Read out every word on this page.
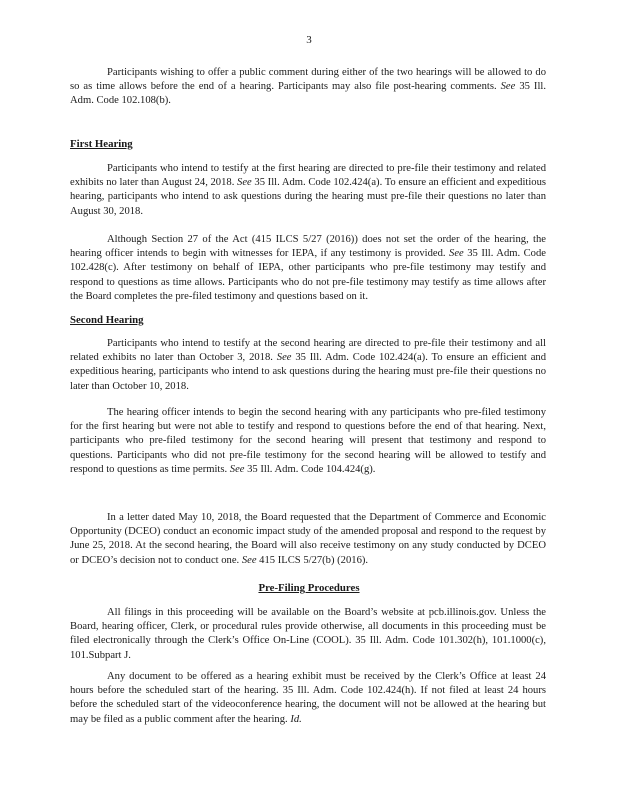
3

Participants wishing to offer a public comment during either of the two hearings will be allowed to do so as time allows before the end of a hearing. Participants may also file post-hearing comments. See 35 Ill. Adm. Code 102.108(b).

First Hearing

Participants who intend to testify at the first hearing are directed to pre-file their testimony and related exhibits no later than August 24, 2018. See 35 Ill. Adm. Code 102.424(a). To ensure an efficient and expeditious hearing, participants who intend to ask questions during the hearing must pre-file their questions no later than August 30, 2018.

Although Section 27 of the Act (415 ILCS 5/27 (2016)) does not set the order of the hearing, the hearing officer intends to begin with witnesses for IEPA, if any testimony is provided. See 35 Ill. Adm. Code 102.428(c). After testimony on behalf of IEPA, other participants who pre-file testimony may testify and respond to questions as time allows. Participants who do not pre-file testimony may testify as time allows after the Board completes the pre-filed testimony and questions based on it.

Second Hearing

Participants who intend to testify at the second hearing are directed to pre-file their testimony and all related exhibits no later than October 3, 2018. See 35 Ill. Adm. Code 102.424(a). To ensure an efficient and expeditious hearing, participants who intend to ask questions during the hearing must pre-file their questions no later than October 10, 2018.

The hearing officer intends to begin the second hearing with any participants who pre-filed testimony for the first hearing but were not able to testify and respond to questions before the end of that hearing. Next, participants who pre-filed testimony for the second hearing will present that testimony and respond to questions. Participants who did not pre-file testimony for the second hearing will be allowed to testify and respond to questions as time permits. See 35 Ill. Adm. Code 104.424(g).

In a letter dated May 10, 2018, the Board requested that the Department of Commerce and Economic Opportunity (DCEO) conduct an economic impact study of the amended proposal and respond to the request by June 25, 2018. At the second hearing, the Board will also receive testimony on any study conducted by DCEO or DCEO’s decision not to conduct one. See 415 ILCS 5/27(b) (2016).

Pre-Filing Procedures

All filings in this proceeding will be available on the Board’s website at pcb.illinois.gov. Unless the Board, hearing officer, Clerk, or procedural rules provide otherwise, all documents in this proceeding must be filed electronically through the Clerk’s Office On-Line (COOL). 35 Ill. Adm. Code 101.302(h), 101.1000(c), 101.Subpart J.

Any document to be offered as a hearing exhibit must be received by the Clerk’s Office at least 24 hours before the scheduled start of the hearing. 35 Ill. Adm. Code 102.424(h). If not filed at least 24 hours before the scheduled start of the videoconference hearing, the document will not be allowed at the hearing but may be filed as a public comment after the hearing. Id.
